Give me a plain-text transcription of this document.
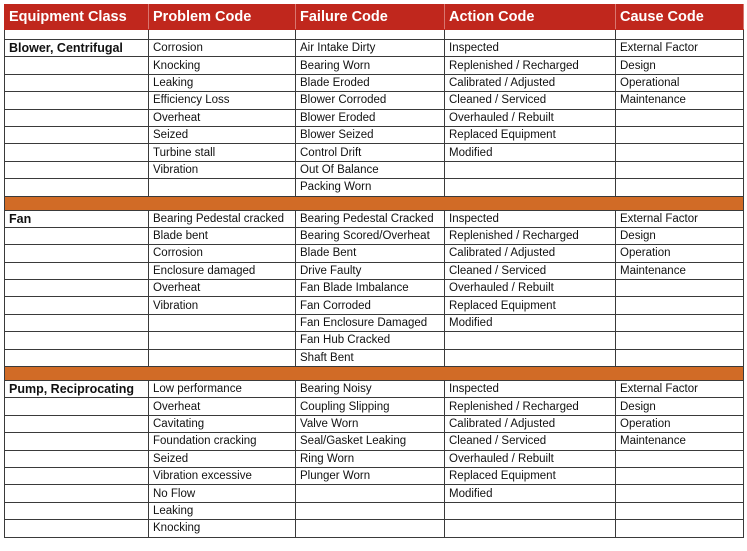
Equipment Class	Problem Code	Failure Code	Action Code	Cause Code

Blower, Centrifugal	Corrosion	Air Intake Dirty	Inspected	External Factor
	Knocking	Bearing Worn	Replenished / Recharged	Design
	Leaking	Blade Eroded	Calibrated / Adjusted	Operational
	Efficiency Loss	Blower Corroded	Cleaned / Serviced	Maintenance
	Overheat	Blower Eroded	Overhauled / Rebuilt	
	Seized	Blower Seized	Replaced Equipment	
	Turbine stall	Control Drift	Modified	
	Vibration	Out Of Balance		
		Packing Worn		

Fan	Bearing Pedestal cracked	Bearing Pedestal Cracked	Inspected	External Factor
	Blade bent	Bearing Scored/Overheat	Replenished / Recharged	Design
	Corrosion	Blade Bent	Calibrated / Adjusted	Operation
	Enclosure damaged	Drive Faulty	Cleaned / Serviced	Maintenance
	Overheat	Fan Blade Imbalance	Overhauled / Rebuilt	
	Vibration	Fan Corroded	Replaced Equipment	
		Fan Enclosure Damaged	Modified	
		Fan Hub Cracked		
		Shaft Bent		

Pump, Reciprocating	Low performance	Bearing Noisy	Inspected	External Factor
	Overheat	Coupling Slipping	Replenished / Recharged	Design
	Cavitating	Valve Worn	Calibrated / Adjusted	Operation
	Foundation cracking	Seal/Gasket Leaking	Cleaned / Serviced	Maintenance
	Seized	Ring Worn	Overhauled / Rebuilt	
	Vibration excessive	Plunger Worn	Replaced Equipment	
	No Flow		Modified	
	Leaking			
	Knocking			
